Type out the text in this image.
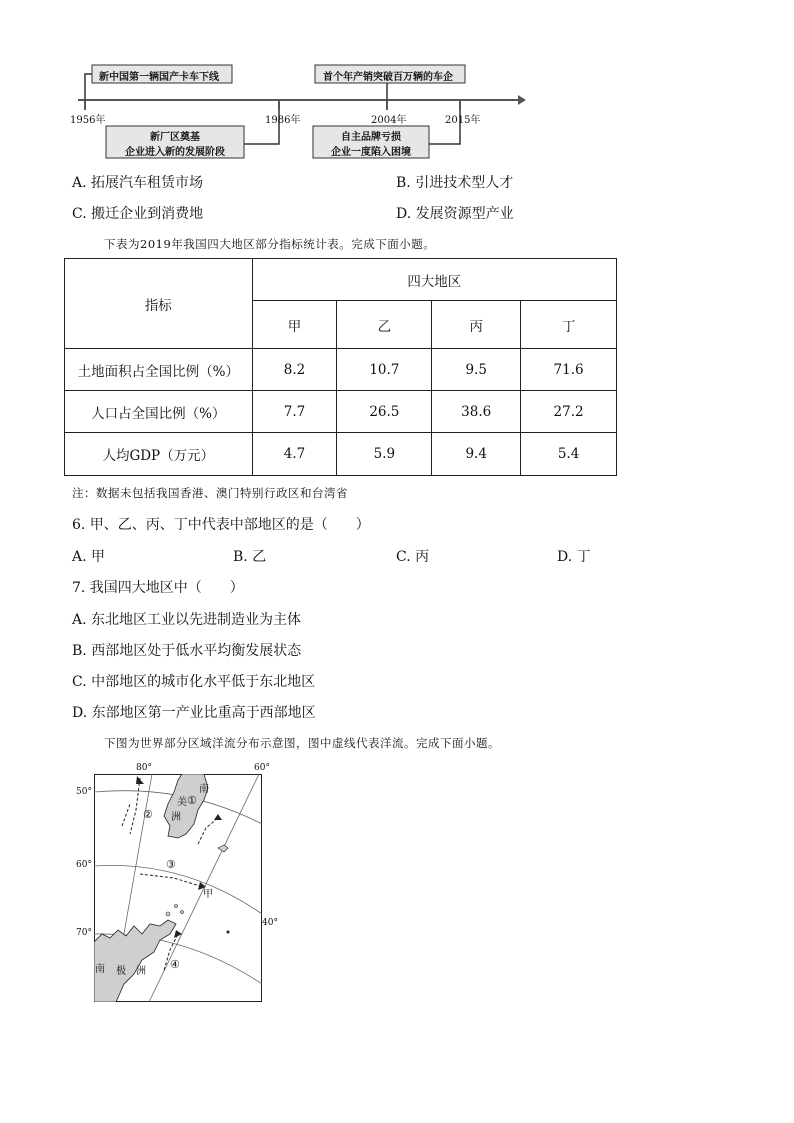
新中国第一辆国产卡车下线	首个年产销突破百万辆的车企
新厂区奠基
企业进入新的发展阶段
自主品牌亏损
企业一度陷入困境
1956年	1986年	2004年	2015年
A. 拓展汽车租赁市场	B. 引进技术型人才
C. 搬迁企业到消费地	D. 发展资源型产业
下表为2019年我国四大地区部分指标统计表。完成下面小题。
指标	四大地区			
	甲	乙	丙	丁
土地面积占全国比例（%）	8.2	10.7	9.5	71.6
人口占全国比例（%）	7.7	26.5	38.6	27.2
人均GDP（万元）	4.7	5.9	9.4	5.4
注：数据未包括我国香港、澳门特别行政区和台湾省
6. 甲、乙、丙、丁中代表中部地区的是（　　）
A. 甲	B. 乙	C. 丙	D. 丁
7. 我国四大地区中（　　）
A. 东北地区工业以先进制造业为主体
B. 西部地区处于低水平均衡发展状态
C. 中部地区的城市化水平低于东北地区
D. 东部地区第一产业比重高于西部地区
下图为世界部分区域洋流分布示意图，图中虚线代表洋流。完成下面小题。
80°	60°
40°
50°
60°
70°
南
美
洲
南 极 洲
①
②
③
④
甲
